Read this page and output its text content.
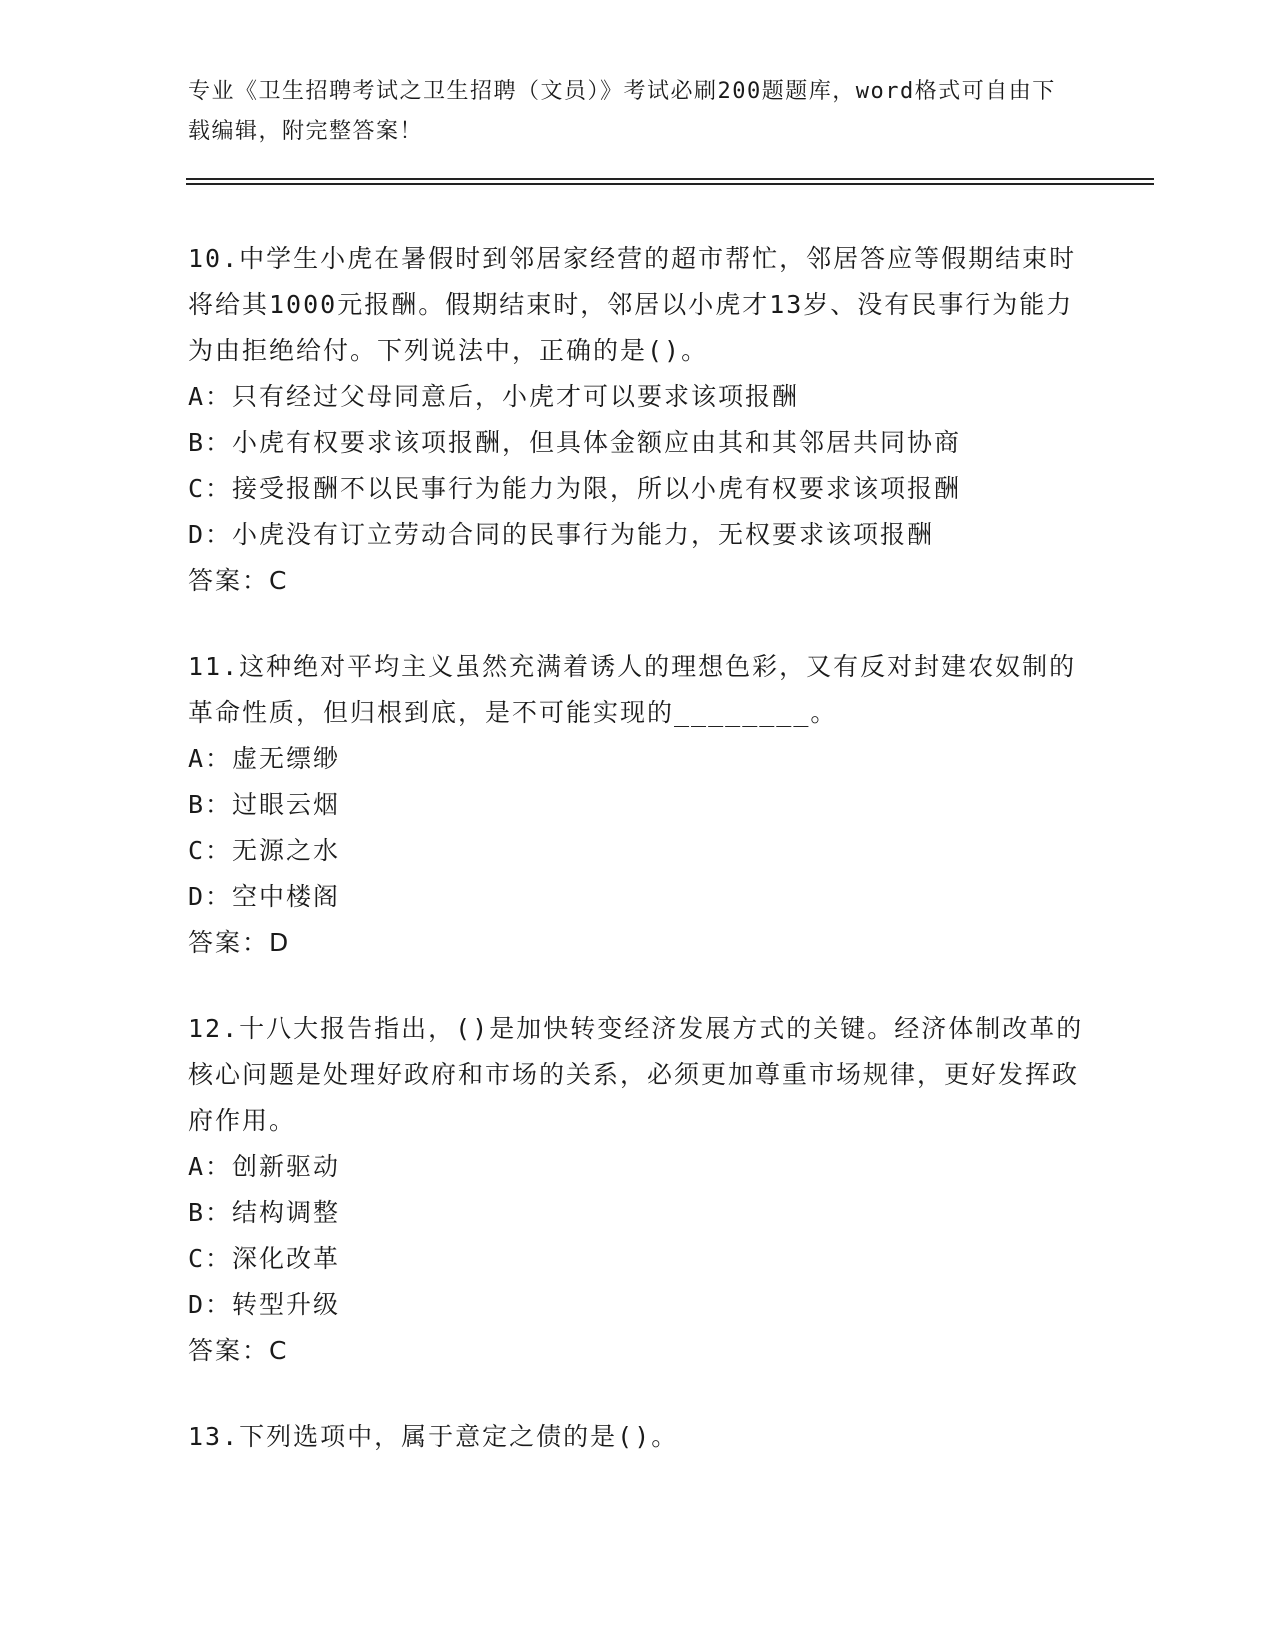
专业《卫生招聘考试之卫生招聘（文员）》考试必刷200题题库，word格式可自由下载编辑，附完整答案！

10.中学生小虎在暑假时到邻居家经营的超市帮忙，邻居答应等假期结束时将给其1000元报酬。假期结束时，邻居以小虎才13岁、没有民事行为能力为由拒绝给付。下列说法中，正确的是()。

A：只有经过父母同意后，小虎才可以要求该项报酬

B：小虎有权要求该项报酬，但具体金额应由其和其邻居共同协商

C：接受报酬不以民事行为能力为限，所以小虎有权要求该项报酬

D：小虎没有订立劳动合同的民事行为能力，无权要求该项报酬

答案：C

11.这种绝对平均主义虽然充满着诱人的理想色彩，又有反对封建农奴制的革命性质，但归根到底，是不可能实现的________。

A：虚无缥缈

B：过眼云烟

C：无源之水

D：空中楼阁

答案：D

12.十八大报告指出，()是加快转变经济发展方式的关键。经济体制改革的核心问题是处理好政府和市场的关系，必须更加尊重市场规律，更好发挥政府作用。

A：创新驱动

B：结构调整

C：深化改革

D：转型升级

答案：C

13.下列选项中，属于意定之债的是()。
